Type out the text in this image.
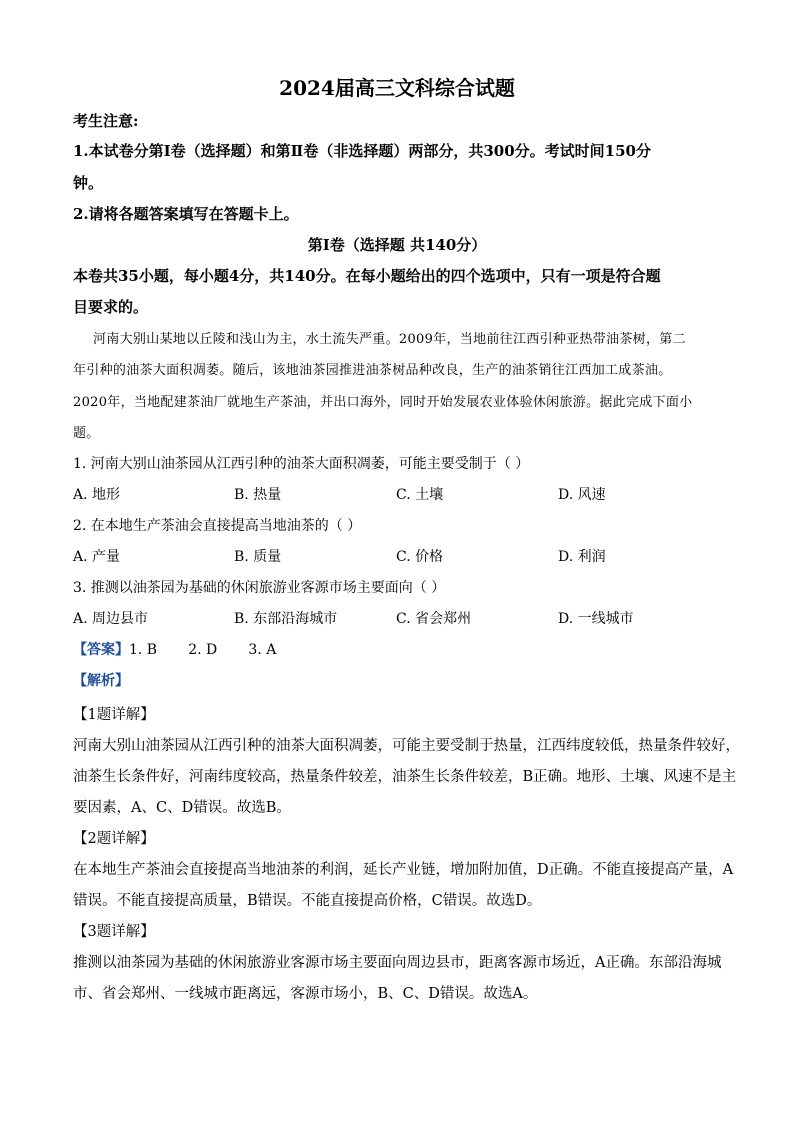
2024届高三文科综合试题
考生注意:
1.本试卷分第Ⅰ卷（选择题）和第Ⅱ卷（非选择题）两部分，共300分。考试时间150分
钟。
2.请将各题答案填写在答题卡上。
第Ⅰ卷（选择题 共140分）
本卷共35小题，每小题4分，共140分。在每小题给出的四个选项中，只有一项是符合题
目要求的。
河南大别山某地以丘陵和浅山为主，水土流失严重。2009年，当地前往江西引种亚热带油茶树，第二
年引种的油茶大面积凋萎。随后，该地油茶园推进油茶树品种改良，生产的油茶销往江西加工成茶油。
2020年，当地配建茶油厂就地生产茶油，并出口海外，同时开始发展农业体验休闲旅游。据此完成下面小
题。
1. 河南大别山油茶园从江西引种的油茶大面积凋萎，可能主要受制于（ ）
A. 地形	B. 热量	C. 土壤	D. 风速
2. 在本地生产茶油会直接提高当地油茶的（ ）
A. 产量	B. 质量	C. 价格	D. 利润
3. 推测以油茶园为基础的休闲旅游业客源市场主要面向（ ）
A. 周边县市	B. 东部沿海城市	C. 省会郑州	D. 一线城市
【答案】1. B       2. D       3. A
【解析】
【1题详解】
河南大别山油茶园从江西引种的油茶大面积凋萎，可能主要受制于热量，江西纬度较低，热量条件较好，
油茶生长条件好，河南纬度较高，热量条件较差，油茶生长条件较差，B正确。地形、土壤、风速不是主
要因素，A、C、D错误。故选B。
【2题详解】
在本地生产茶油会直接提高当地油茶的利润，延长产业链，增加附加值，D正确。不能直接提高产量，A
错误。不能直接提高质量，B错误。不能直接提高价格，C错误。故选D。
【3题详解】
推测以油茶园为基础的休闲旅游业客源市场主要面向周边县市，距离客源市场近，A正确。东部沿海城
市、省会郑州、一线城市距离远，客源市场小，B、C、D错误。故选A。
